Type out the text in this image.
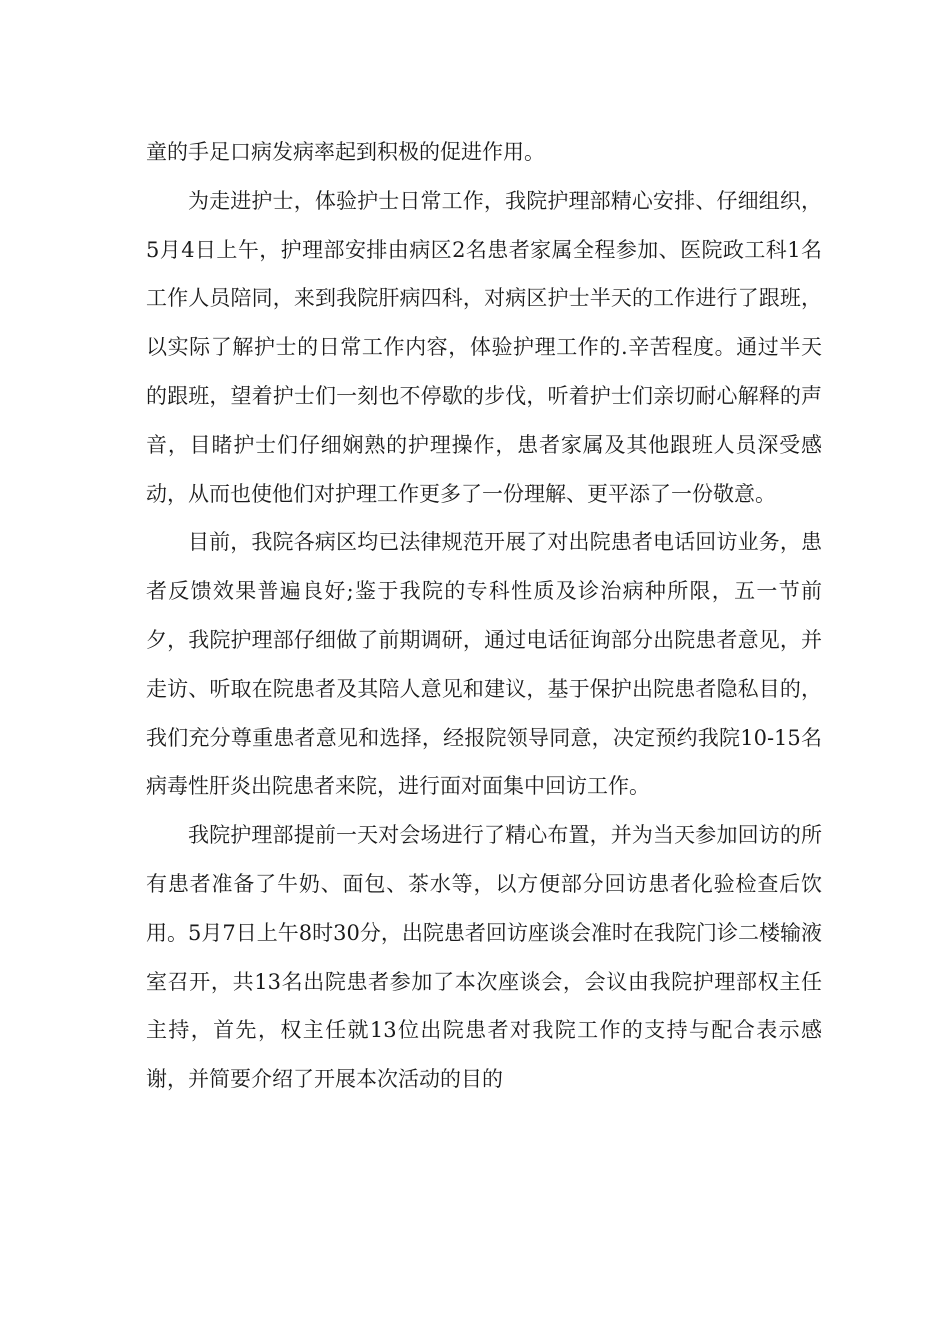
童的手足口病发病率起到积极的促进作用。

为走进护士，体验护士日常工作，我院护理部精心安排、仔细组织，5月4日上午，护理部安排由病区2名患者家属全程参加、医院政工科1名工作人员陪同，来到我院肝病四科，对病区护士半天的工作进行了跟班，以实际了解护士的日常工作内容，体验护理工作的.辛苦程度。通过半天的跟班，望着护士们一刻也不停歇的步伐，听着护士们亲切耐心解释的声音，目睹护士们仔细娴熟的护理操作，患者家属及其他跟班人员深受感动，从而也使他们对护理工作更多了一份理解、更平添了一份敬意。

目前，我院各病区均已法律规范开展了对出院患者电话回访业务，患者反馈效果普遍良好;鉴于我院的专科性质及诊治病种所限，五一节前夕，我院护理部仔细做了前期调研，通过电话征询部分出院患者意见，并走访、听取在院患者及其陪人意见和建议，基于保护出院患者隐私目的，我们充分尊重患者意见和选择，经报院领导同意，决定预约我院10-15名病毒性肝炎出院患者来院，进行面对面集中回访工作。

我院护理部提前一天对会场进行了精心布置，并为当天参加回访的所有患者准备了牛奶、面包、茶水等，以方便部分回访患者化验检查后饮用。5月7日上午8时30分，出院患者回访座谈会准时在我院门诊二楼输液室召开，共13名出院患者参加了本次座谈会，会议由我院护理部权主任主持，首先，权主任就13位出院患者对我院工作的支持与配合表示感谢，并简要介绍了开展本次活动的目的
